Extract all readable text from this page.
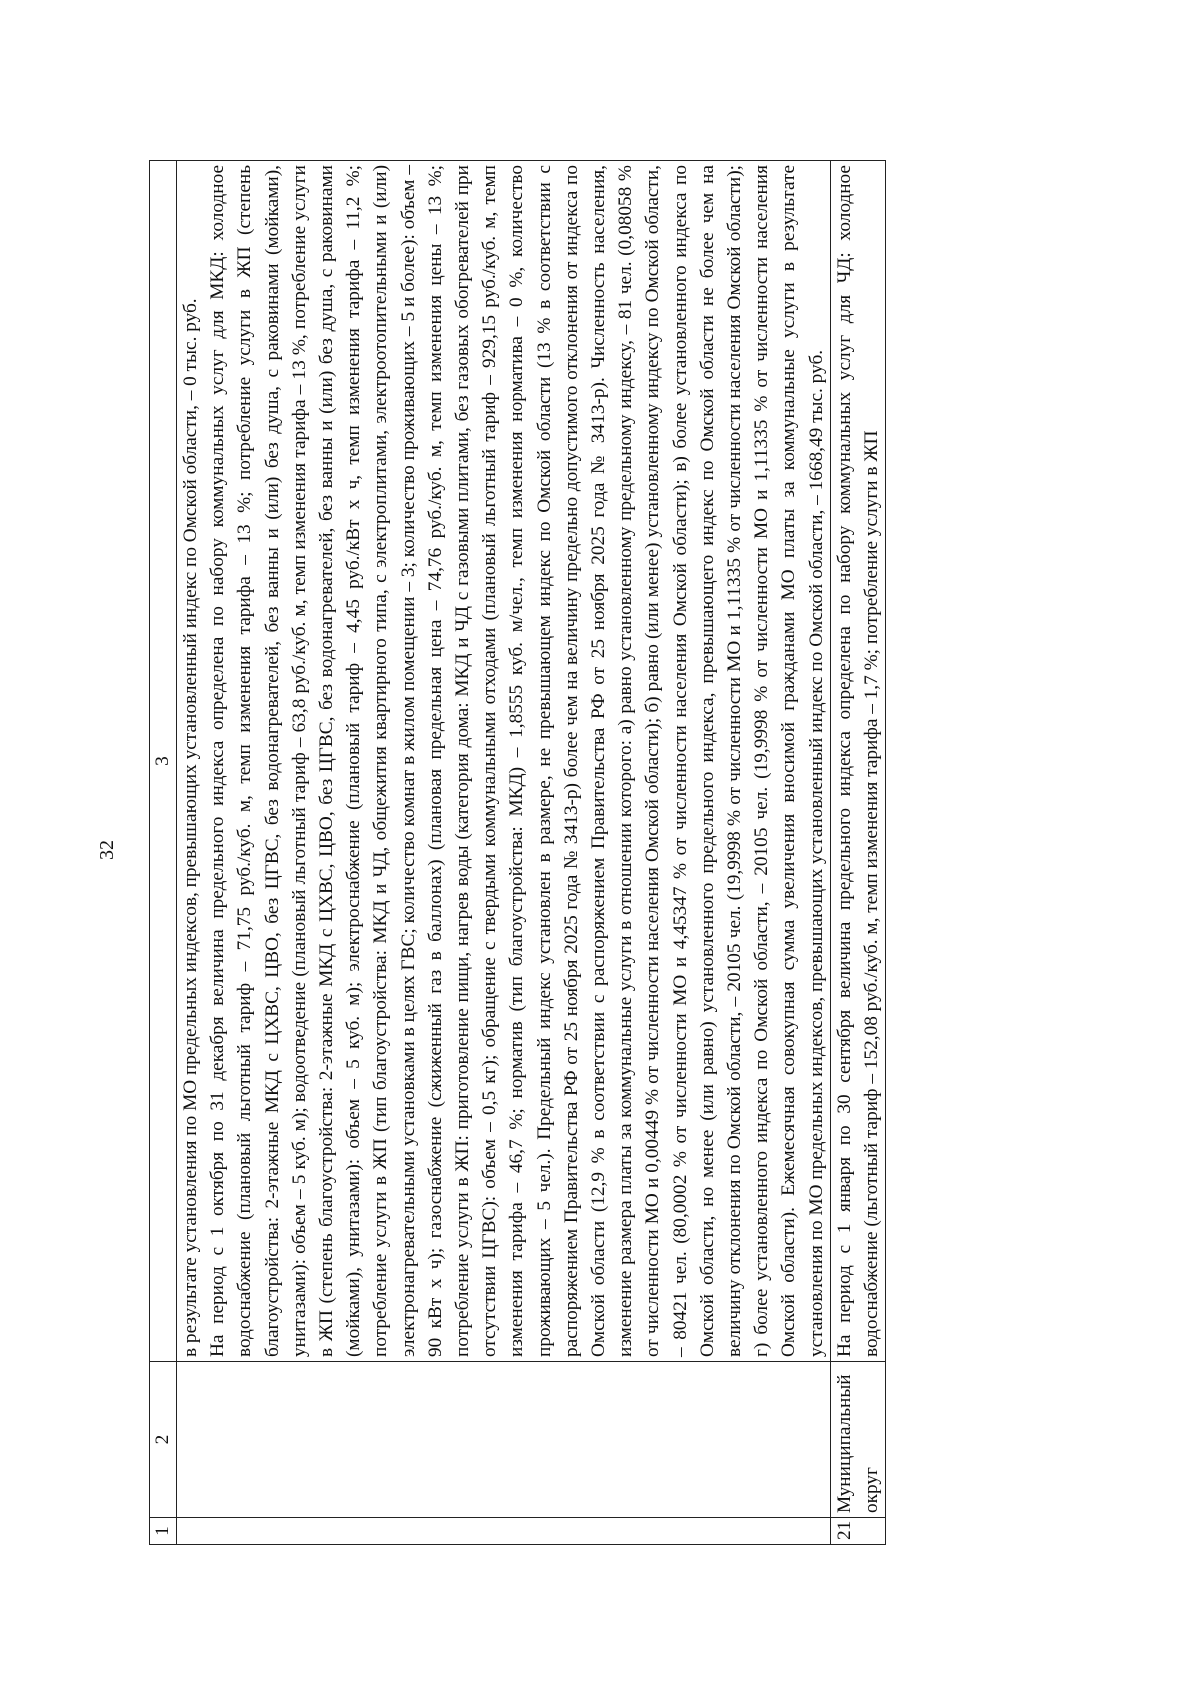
32
1	2	3

		в результате установления по МО предельных индексов, превышающих установленный индекс по Омской области, – 0 тыс. руб. На период с 1 октября по 31 декабря величина предельного индекса определена по набору коммунальных услуг для МКД: холодное водоснабжение (плановый льготный тариф – 71,75 руб./куб. м, темп изменения тарифа – 13 %; потребление услуги в ЖП (степень благоустройства: 2-этажные МКД с ЦХВС, ЦВО, без ЦГВС, без водонагревателей, без ванны и (или) без душа, с раковинами (мойками), унитазами): объем – 5 куб. м); водоотведение (плановый льготный тариф – 63,8 руб./куб. м, темп изменения тарифа – 13 %, потребление услуги в ЖП (степень благоустройства: 2-этажные МКД с ЦХВС, ЦВО, без ЦГВС, без водонагревателей, без ванны и (или) без душа, с раковинами (мойками), унитазами): объем – 5 куб. м); электроснабжение (плановый тариф – 4,45 руб./кВт x ч, темп изменения тарифа – 11,2 %; потребление услуги в ЖП (тип благоустройства: МКД и ЧД, общежития квартирного типа, с электроплитами, электроотопительными и (или) электронагревательными установками в целях ГВС; количество комнат в жилом помещении – 3; количество проживающих – 5 и более): объем – 90 кВт x ч); газоснабжение (сжиженный газ в баллонах) (плановая предельная цена – 74,76 руб./куб. м, темп изменения цены – 13 %; потребление услуги в ЖП: приготовление пищи, нагрев воды (категория дома: МКД и ЧД с газовыми плитами, без газовых обогревателей при отсутствии ЦГВС): объем – 0,5 кг); обращение с твердыми коммунальными отходами (плановый льготный тариф – 929,15 руб./куб. м, темп изменения тарифа – 46,7 %; норматив (тип благоустройства: МКД) – 1,8555 куб. м/чел., темп изменения норматива – 0 %, количество проживающих – 5 чел.). Предельный индекс установлен в размере, не превышающем индекс по Омской области (13 % в соответствии с распоряжением Правительства РФ от 25 ноября 2025 года № 3413-р) более чем на величину предельно допустимого отклонения от индекса по Омской области (12,9 % в соответствии с распоряжением Правительства РФ от 25 ноября 2025 года № 3413-р). Численность населения, изменение размера платы за коммунальные услуги в отношении которого: а) равно установленному предельному индексу, – 81 чел. (0,08058 % от численности МО и 0,00449 % от численности населения Омской области); б) равно (или менее) установленному индексу по Омской области, – 80421 чел. (80,0002 % от численности МО и 4,45347 % от численности населения Омской области); в) более установленного индекса по Омской области, но менее (или равно) установленного предельного индекса, превышающего индекс по Омской области не более чем на величину отклонения по Омской области, – 20105 чел. (19,9998 % от численности МО и 1,11335 % от численности населения Омской области); г) более установленного индекса по Омской области, – 20105 чел. (19,9998 % от численности МО и 1,11335 % от численности населения Омской области). Ежемесячная совокупная сумма увеличения вносимой гражданами МО платы за коммунальные услуги в результате установления по МО предельных индексов, превышающих установленный индекс по Омской области, – 1668,49 тыс. руб.

21	Муниципальный округ	На период с 1 января по 30 сентября величина предельного индекса определена по набору коммунальных услуг для ЧД: холодное водоснабжение (льготный тариф – 152,08 руб./куб. м, темп изменения тарифа – 1,7 %; потребление услуги в ЖП
